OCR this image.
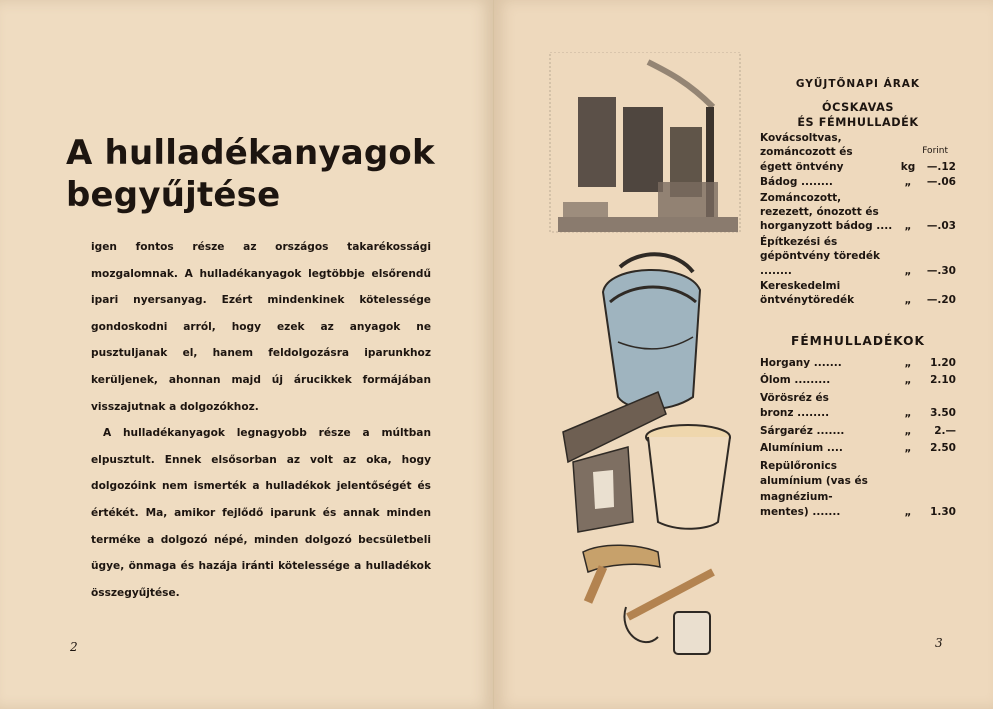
A hulladékanyagok
begyűjtése

igen fontos része az országos takarékossági mozgalomnak. A hulladékanyagok legtöbbje elsőrendű ipari nyersanyag. Ezért mindenkinek kötelessége gondoskodni arról, hogy ezek az anyagok ne pusztuljanak el, hanem feldolgozásra iparunkhoz kerüljenek, ahonnan majd új árucikkek formájában visszajutnak a dolgozókhoz.

A hulladékanyagok legnagyobb része a múltban elpusztult. Ennek elsősorban az volt az oka, hogy dolgozóink nem ismerték a hulladékok jelentőségét és értékét. Ma, amikor fejlődő iparunk és annak minden terméke a dolgozó népé, minden dolgozó becsületbeli ügye, önmaga és hazája iránti kötelessége a hulladékok összegyűjtése.

2	3
GYŰJTŐNAPI ÁRAK
ÓCSKAVAS
ÉS FÉMHULLADÉK
Forint
Kovácsoltvas, zománcozott és
égett öntvény	kg	—.12
Bádog ........	„	—.06
Zománcozott,
rezezett, ónozott és horganyzott bádog ....	„	—.03
Építkezési és
gépöntvény töredék ........	„	—.30
Kereskedelmi
öntvénytöredék	„	—.20
FÉMHULLADÉKOK
Horgany .......	„	1.20
Ólom .........	„	2.10
Vörösréz és
bronz ........	„	3.50
Sárgaréz .......	„	2.—
Alumínium ....	„	2.50
Repülőronics alumínium (vas és
magnézium-
mentes) .......	„	1.30
